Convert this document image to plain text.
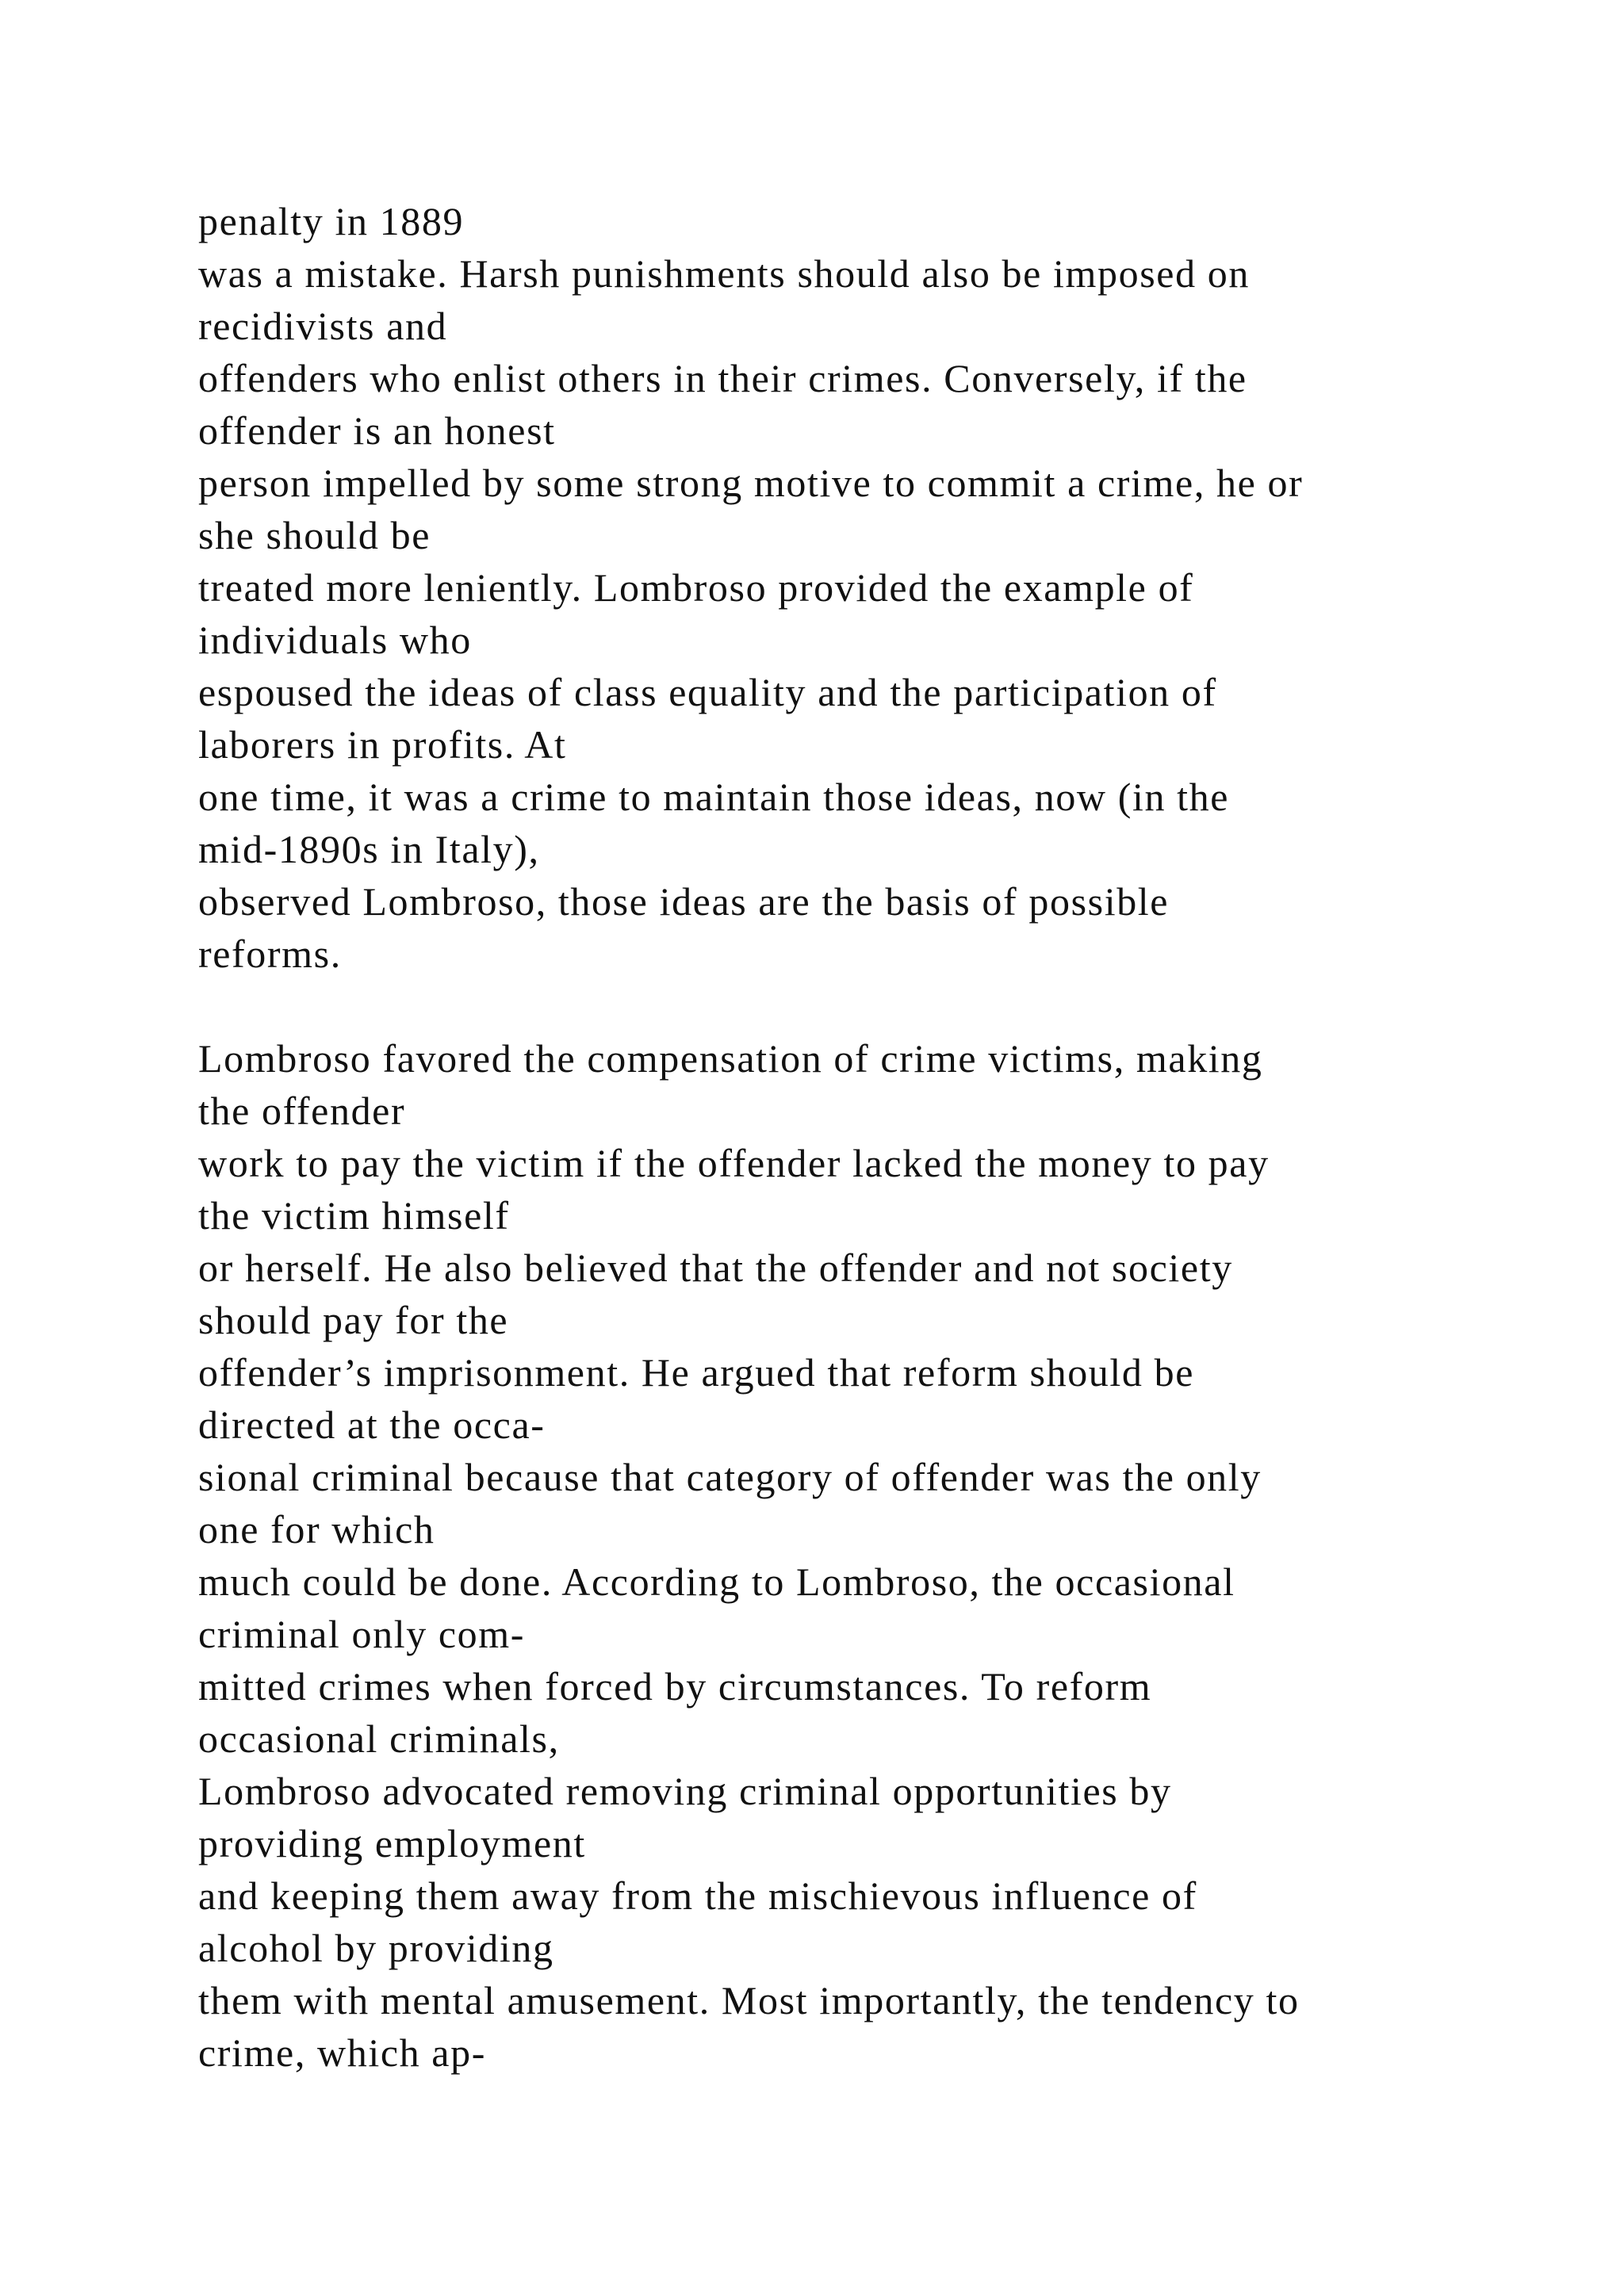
penalty in 1889
was a mistake. Harsh punishments should also be imposed on
recidivists and
offenders who enlist others in their crimes. Conversely, if the
offender is an honest
person impelled by some strong motive to commit a crime, he or
she should be
treated more leniently. Lombroso provided the example of
individuals who
espoused the ideas of class equality and the participation of
laborers in profits. At
one time, it was a crime to maintain those ideas, now (in the
mid-1890s in Italy),
observed Lombroso, those ideas are the basis of possible
reforms.
Lombroso favored the compensation of crime victims, making
the offender
work to pay the victim if the offender lacked the money to pay
the victim himself
or herself. He also believed that the offender and not society
should pay for the
offender’s imprisonment. He argued that reform should be
directed at the occa-
sional criminal because that category of offender was the only
one for which
much could be done. According to Lombroso, the occasional
criminal only com-
mitted crimes when forced by circumstances. To reform
occasional criminals,
Lombroso advocated removing criminal opportunities by
providing employment
and keeping them away from the mischievous influence of
alcohol by providing
them with mental amusement. Most importantly, the tendency to
crime, which ap-
